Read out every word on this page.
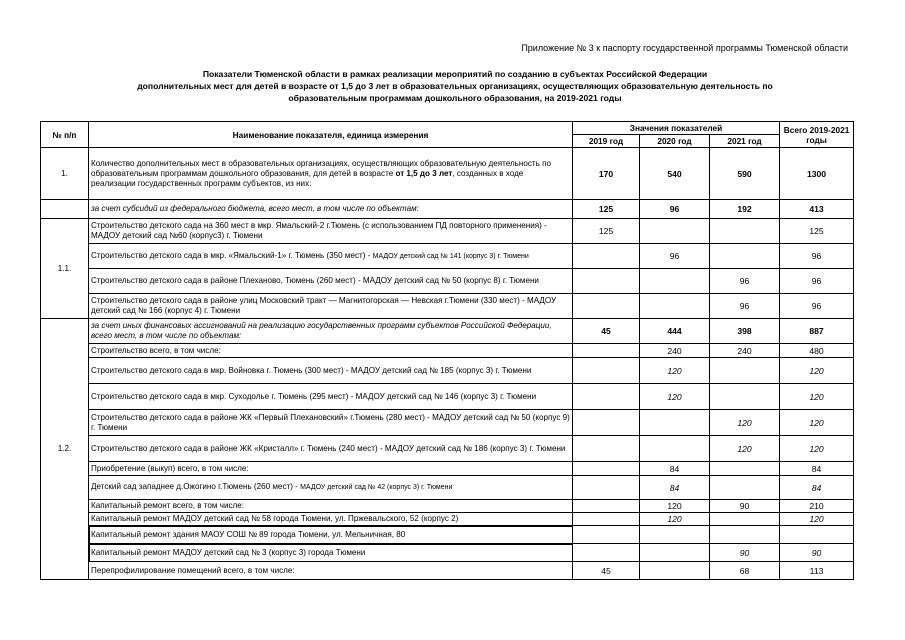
Приложение № 3 к паспорту государственной программы Тюменской области
Показатели Тюменской области в рамках реализации мероприятий по созданию в субъектах Российской Федерации
дополнительных мест для детей в возрасте от 1,5 до 3 лет в образовательных организациях, осуществляющих образовательную деятельность по
образовательным программам дошкольного образования, на 2019-2021 годы
№ п/п	Наименование показателя, единица измерения	Значения показателей			Всего 2019-2021 годы
		2019 год	2020 год	2021 год	
1.	Количество дополнительных мест в образовательных организациях, осуществляющих образовательную деятельность по образовательным программам дошкольного образования, для детей в возрасте от 1,5 до 3 лет, созданных в ходе реализации государственных программ субъектов, из них:	170	540	590	1300
	за счет субсидий из федерального бюджета, всего мест, в том числе по объектам:	125	96	192	413
1.1.	Строительство детского сада на 360 мест в мкр. Ямальский-2 г.Тюмень (с использованием ПД повторного применения) - МАДОУ детский сад №60 (корпус3) г. Тюмени	125			125
	Строительство детского сада в мкр. «Ямальский-1» г. Тюмень (350 мест) - МАДОУ детский сад № 141 (корпус 3) г. Тюмени		96		96
	Строительство детского сада в районе Плеханово, Тюмень (260 мест) - МАДОУ детский сад № 50 (корпус 8) г. Тюмени			96	96
	Строительство детского сада в районе улиц Московский тракт — Магнитогорская — Невская г.Тюмени (330 мест) - МАДОУ детский сад № 166 (корпус 4) г. Тюмени			96	96
1.2.	за счет иных финансовых ассигнований на реализацию государственных программ субъектов Российской Федерации, всего мест, в том числе по объектам:	45	444	398	887
	Строительство всего, в том числе:		240	240	480
	Строительство детского сада в мкр. Войновка г. Тюмень (300 мест) - МАДОУ детский сад № 185 (корпус 3) г. Тюмени		120		120
	Строительство детского сада в мкр. Суходолье г. Тюмень (295 мест) - МАДОУ детский сад № 146 (корпус 3) г. Тюмени		120		120
	Строительство детского сада в районе ЖК «Первый Плехановский» г.Тюмень (280 мест) - МАДОУ детский сад № 50 (корпус 9) г. Тюмени			120	120
	Строительство детского сада в районе ЖК «Кристалл» г. Тюмень (240 мест) - МАДОУ детский сад № 186 (корпус 3) г. Тюмени			120	120
	Приобретение (выкуп) всего, в том числе:		84		84
	Детский сад западнее д.Ожогино г.Тюмень (260 мест) - МАДОУ детский сад № 42 (корпус 3) г. Тюмени		84		84
	Капитальный ремонт всего, в том числе:		120	90	210
	Капитальный ремонт МАДОУ детский сад № 58 города Тюмени, ул. Пржевальского, 52 (корпус 2)		120		120
	Капитальный ремонт здания МАОУ СОШ № 89 города Тюмени, ул. Мельничная, 80				
	Капитальный ремонт МАДОУ детский сад № 3 (корпус 3) города Тюмени			90	90
	Перепрофилирование помещений всего, в том числе:	45		68	113
